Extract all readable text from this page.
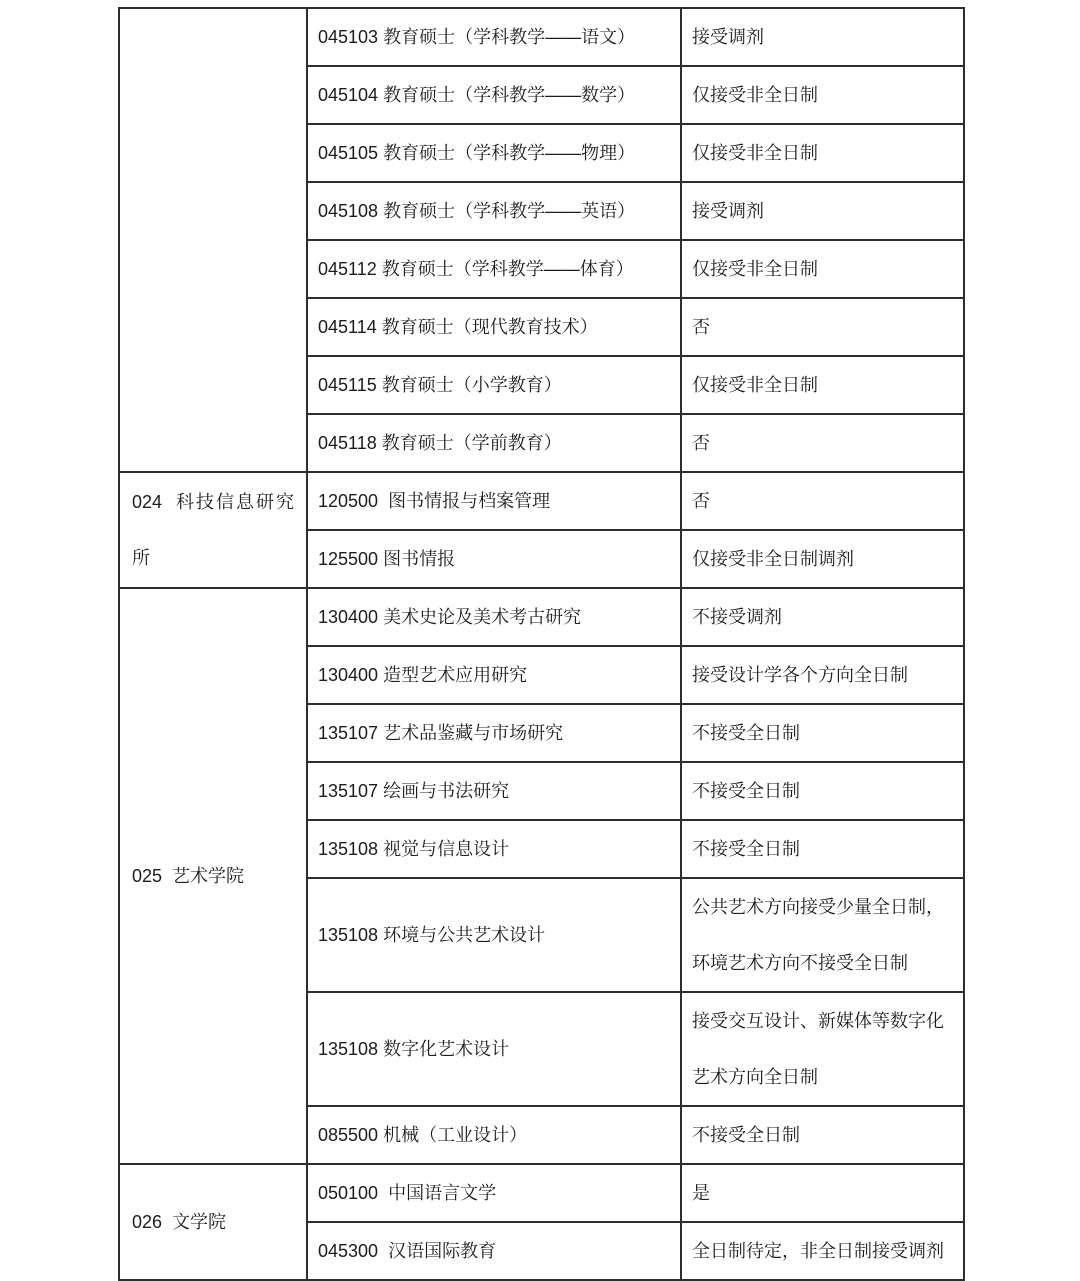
	045103 教育硕士（学科教学——语文）	接受调剂
	045104 教育硕士（学科教学——数学）	仅接受非全日制
	045105 教育硕士（学科教学——物理）	仅接受非全日制
	045108 教育硕士（学科教学——英语）	接受调剂
	045112 教育硕士（学科教学——体育）	仅接受非全日制
	045114 教育硕士（现代教育技术）	否
	045115 教育硕士（小学教育）	仅接受非全日制
	045118 教育硕士（学前教育）	否
024  科技信息研究所	120500  图书情报与档案管理	否
	125500 图书情报	仅接受非全日制调剂
025  艺术学院	130400 美术史论及美术考古研究	不接受调剂
	130400 造型艺术应用研究	接受设计学各个方向全日制
	135107 艺术品鉴藏与市场研究	不接受全日制
	135107 绘画与书法研究	不接受全日制
	135108 视觉与信息设计	不接受全日制
	135108 环境与公共艺术设计	公共艺术方向接受少量全日制，环境艺术方向不接受全日制
	135108 数字化艺术设计	接受交互设计、新媒体等数字化艺术方向全日制
	085500 机械（工业设计）	不接受全日制
026  文学院	050100  中国语言文学	是
	045300  汉语国际教育	全日制待定，非全日制接受调剂
